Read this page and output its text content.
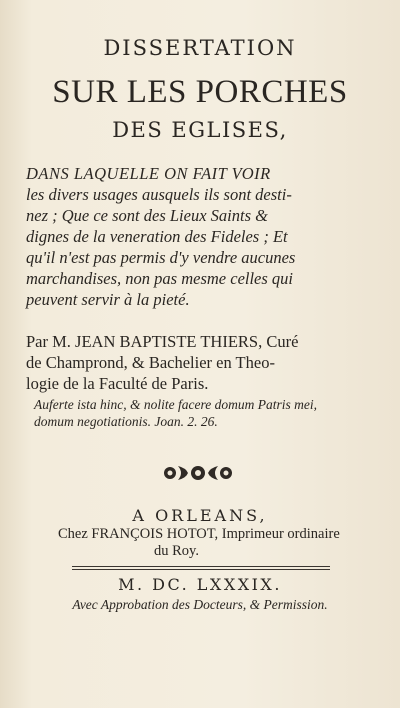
DISSERTATION
SUR LES PORCHES
DES EGLISES,
DANS LAQUELLE ON FAIT VOIR
les divers usages ausquels ils sont desti-
nez ; Que ce sont des Lieux Saints &
dignes de la veneration des Fideles ; Et
qu'il n'est pas permis d'y vendre aucunes
marchandises, non pas mesme celles qui
peuvent servir à la pieté.
Par M. JEAN BAPTISTE THIERS, Curé
de Champrond, & Bachelier en Theo-
logie de la Faculté de Paris.
Auferte ista hinc, & nolite facere domum Patris mei,
domum negotiationis. Joan. 2. 26.
A ORLEANS,
Chez FRANÇOIS HOTOT, Imprimeur ordinaire
du Roy.
M. DC. LXXXIX.
Avec Approbation des Docteurs, & Permission.
